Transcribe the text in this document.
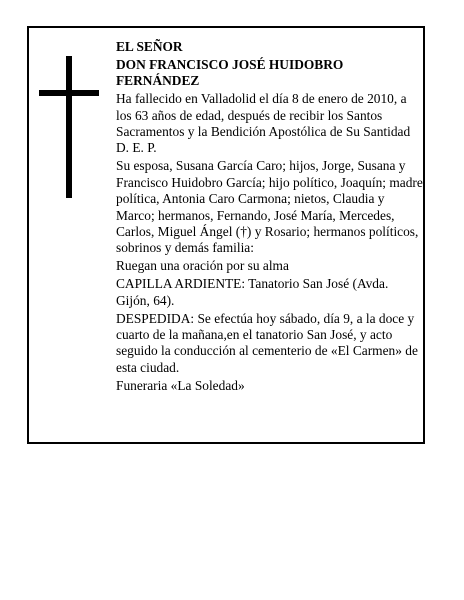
EL SEÑOR

DON FRANCISCO JOSÉ HUIDOBRO FERNÁNDEZ

Ha fallecido en Valladolid el día 8 de enero de 2010, a los 63 años de edad, después de recibir los Santos Sacramentos y la Bendición Apostólica de Su Santidad D. E. P.

Su esposa, Susana García Caro; hijos, Jorge, Susana y Francisco Huidobro García; hijo político, Joaquín; madre política, Antonia Caro Carmona; nietos, Claudia y Marco; hermanos, Fernando, José María, Mercedes, Carlos, Miguel Ángel (†) y Rosario; hermanos políticos, sobrinos y demás familia:

Ruegan una oración por su alma

CAPILLA ARDIENTE: Tanatorio San José (Avda. Gijón, 64).

DESPEDIDA: Se efectúa hoy sábado, día 9, a la doce y cuarto de la mañana,en el tanatorio San José, y acto seguido la conducción al cementerio de «El Carmen» de esta ciudad.

Funeraria «La Soledad»
